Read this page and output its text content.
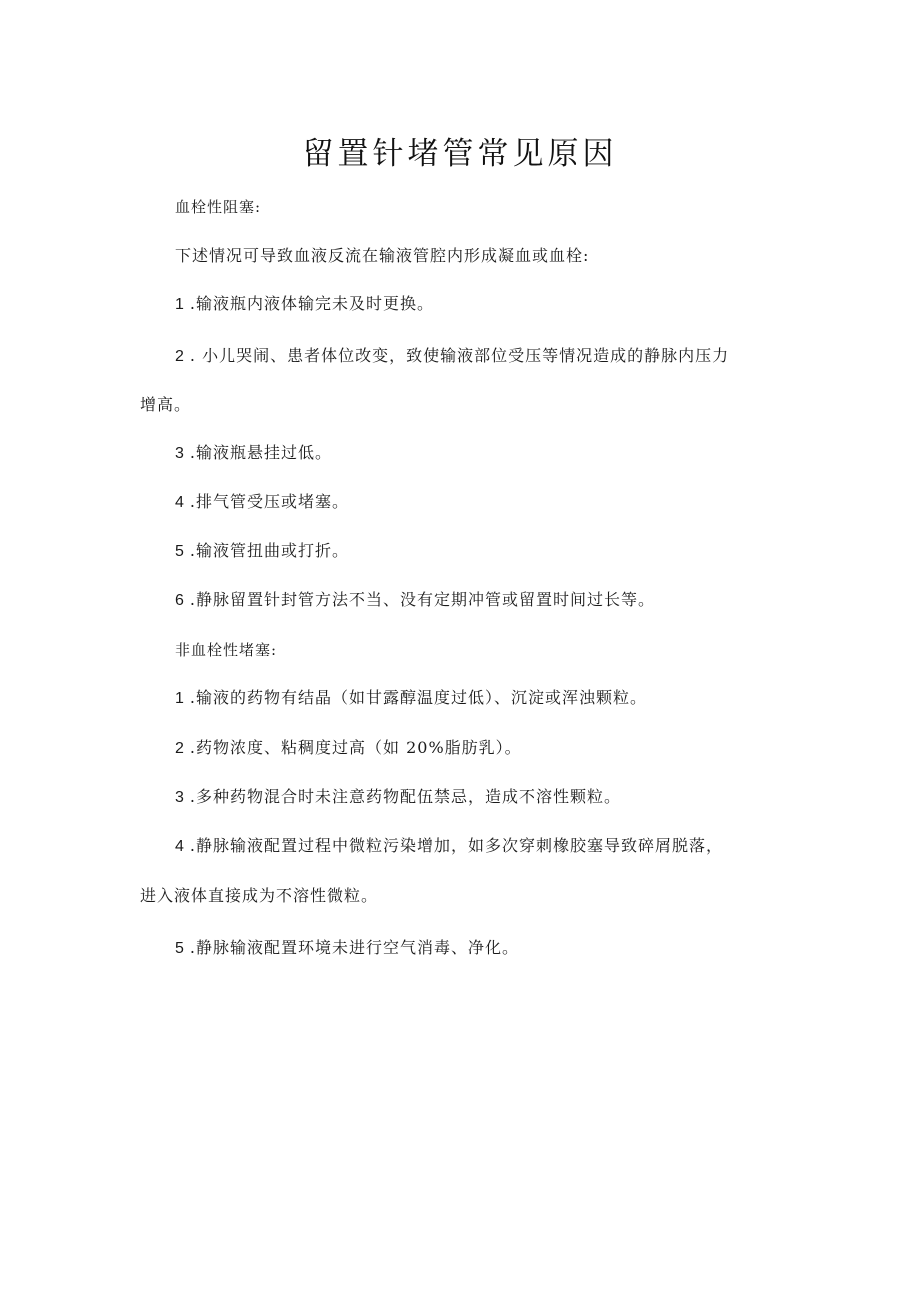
留置针堵管常见原因
血栓性阻塞:
下述情况可导致血液反流在输液管腔内形成凝血或血栓:
1 .输液瓶内液体输完未及时更换。
2 . 小儿哭闹、患者体位改变，致使输液部位受压等情况造成的静脉内压力
增高。
3 .输液瓶悬挂过低。
4 .排气管受压或堵塞。
5 .输液管扭曲或打折。
6 .静脉留置针封管方法不当、没有定期冲管或留置时间过长等。
非血栓性堵塞:
1 .输液的药物有结晶（如甘露醇温度过低）、沉淀或浑浊颗粒。
2 .药物浓度、粘稠度过高（如 20%脂肪乳）。
3 .多种药物混合时未注意药物配伍禁忌，造成不溶性颗粒。
4 .静脉输液配置过程中微粒污染增加，如多次穿刺橡胶塞导致碎屑脱落，
进入液体直接成为不溶性微粒。
5 .静脉输液配置环境未进行空气消毒、净化。
